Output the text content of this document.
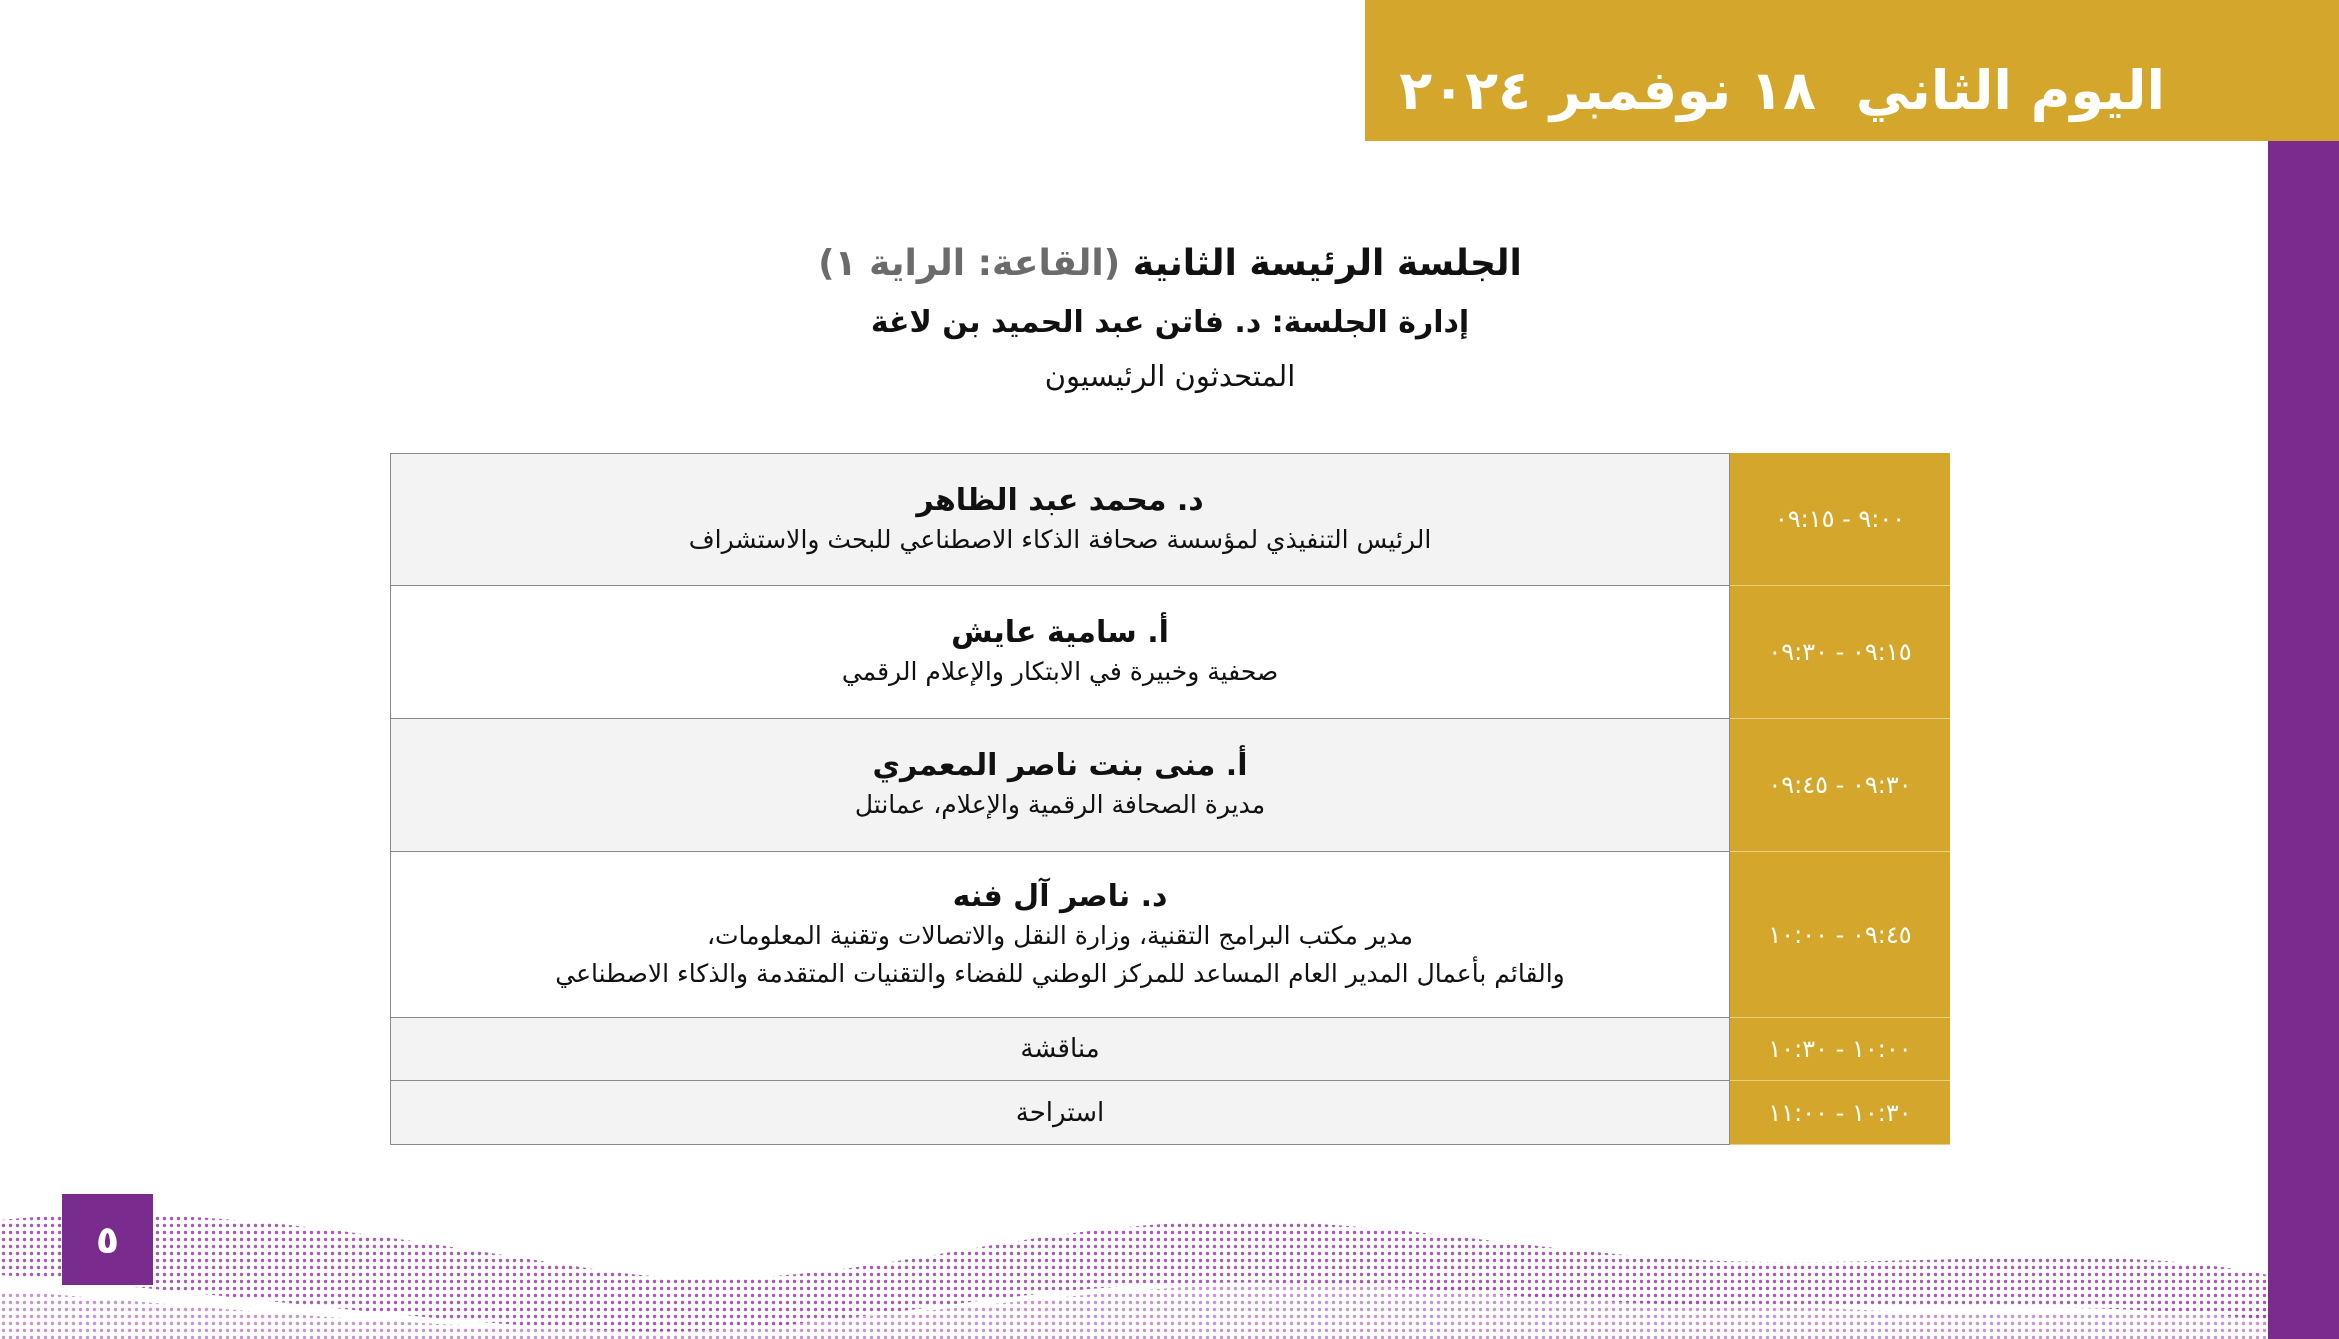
اليوم الثاني١٨ نوفمبر ٢٠٢٤
الجلسة الرئيسة الثانية (القاعة: الراية ١)
إدارة الجلسة: د. فاتن عبد الحميد بن لاغة
المتحدثون الرئيسيون
٩:٠٠ - ٠٩:١٥
د. محمد عبد الظاهر
الرئيس التنفيذي لمؤسسة صحافة الذكاء الاصطناعي للبحث والاستشراف
٠٩:١٥ - ٠٩:٣٠
أ. سامية عايش
صحفية وخبيرة في الابتكار والإعلام الرقمي
٠٩:٣٠ - ٠٩:٤٥
أ. منى بنت ناصر المعمري
مديرة الصحافة الرقمية والإعلام، عمانتل
٠٩:٤٥ - ١٠:٠٠
د. ناصر آل فنه
مدير مكتب البرامج التقنية، وزارة النقل والاتصالات وتقنية المعلومات،
والقائم بأعمال المدير العام المساعد للمركز الوطني للفضاء والتقنيات المتقدمة والذكاء الاصطناعي
١٠:٠٠ - ١٠:٣٠
مناقشة
١٠:٣٠ - ١١:٠٠
استراحة
٥
